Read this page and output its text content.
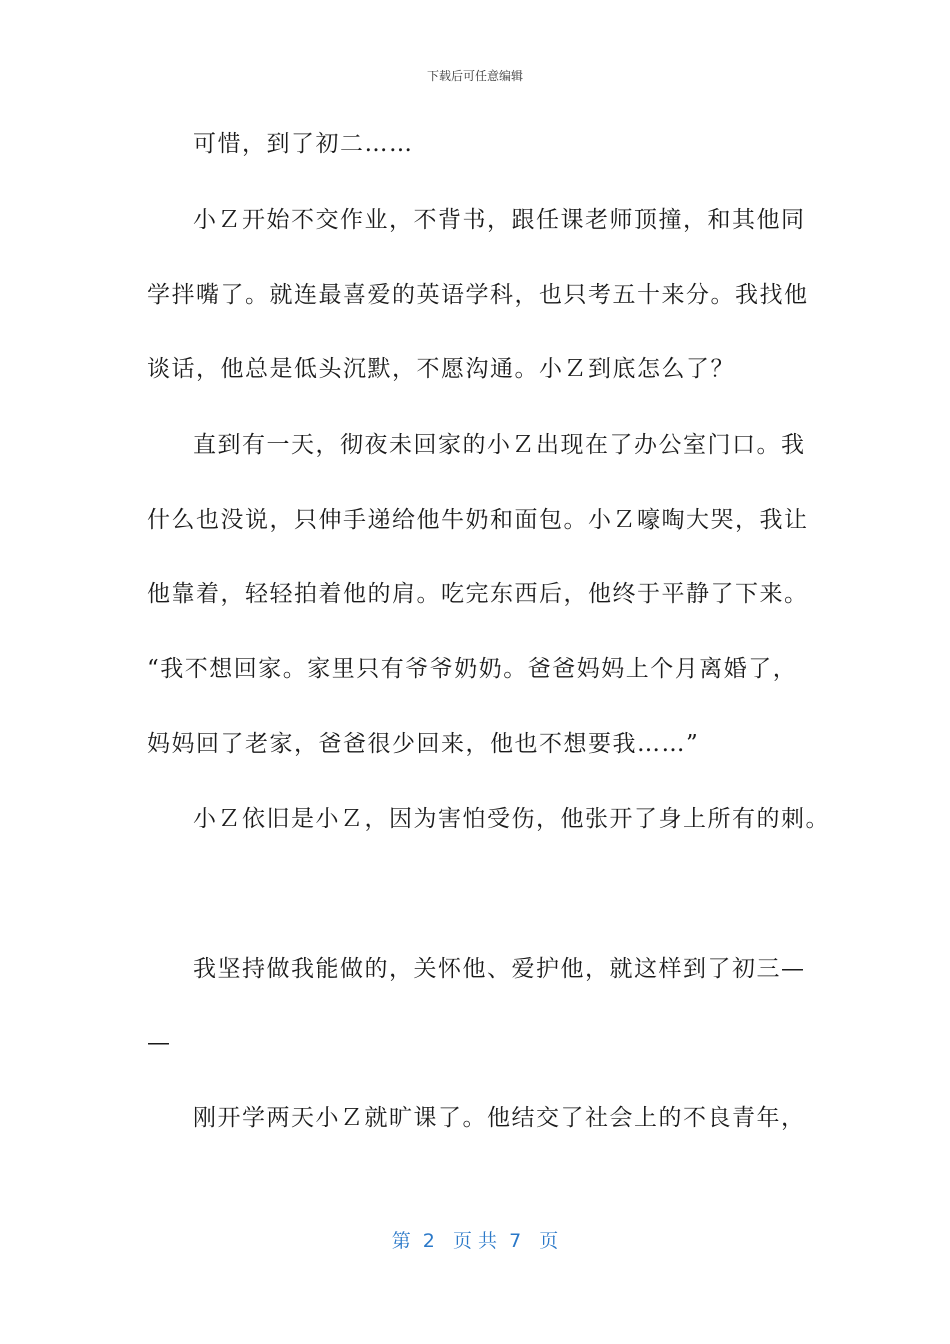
下载后可任意编辑
可惜，到了初二……
小Ｚ开始不交作业，不背书，跟任课老师顶撞，和其他同
学拌嘴了。就连最喜爱的英语学科，也只考五十来分。我找他
谈话，他总是低头沉默，不愿沟通。小Ｚ到底怎么了？
直到有一天，彻夜未回家的小Ｚ出现在了办公室门口。我
什么也没说，只伸手递给他牛奶和面包。小Ｚ嚎啕大哭，我让
他靠着，轻轻拍着他的肩。吃完东西后，他终于平静了下来。
“我不想回家。家里只有爷爷奶奶。爸爸妈妈上个月离婚了，
妈妈回了老家，爸爸很少回来，他也不想要我……”
小Ｚ依旧是小Ｚ，因为害怕受伤，他张开了身上所有的刺。
我坚持做我能做的，关怀他、爱护他，就这样到了初三—
—
刚开学两天小Ｚ就旷课了。他结交了社会上的不良青年，
第  2   页 共  7   页
